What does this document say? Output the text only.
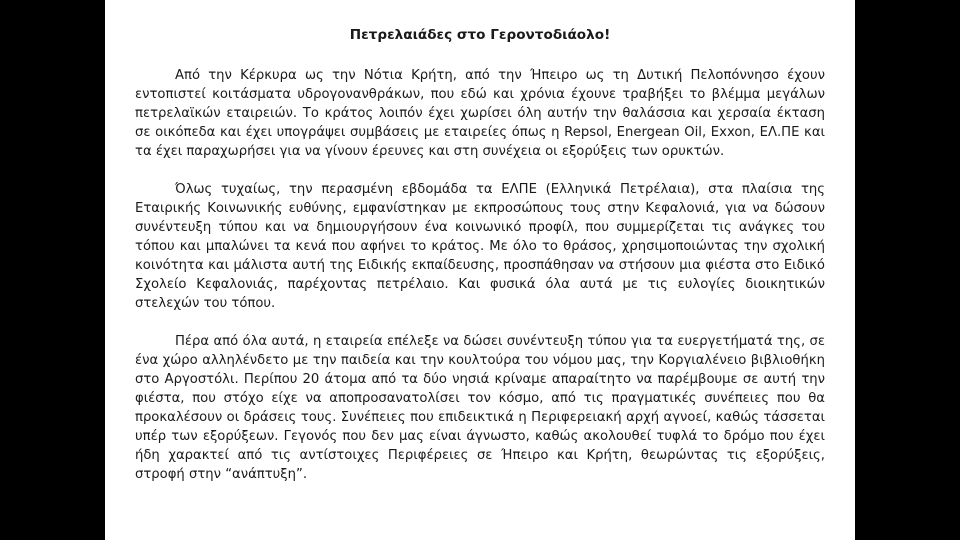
Πετρελαιάδες στο Γεροντοδιάολο!

Από την Κέρκυρα ως την Νότια Κρήτη, από την Ήπειρο ως τη Δυτική Πελοπόννησο έχουν εντοπιστεί κοιτάσματα υδρογονανθράκων, που εδώ και χρόνια έχουνε τραβήξει το βλέμμα μεγάλων πετρελαϊκών εταιρειών. Το κράτος λοιπόν έχει χωρίσει όλη αυτήν την θαλάσσια και χερσαία έκταση σε οικόπεδα και έχει υπογράψει συμβάσεις με εταιρείες όπως η Repsol, Energean Oil, Exxon, ΕΛ.ΠΕ και τα έχει παραχωρήσει για να γίνουν έρευνες και στη συνέχεια οι εξορύξεις των ορυκτών.

Όλως τυχαίως, την περασμένη εβδομάδα τα ΕΛΠΕ (Ελληνικά Πετρέλαια), στα πλαίσια της Εταιρικής Κοινωνικής ευθύνης, εμφανίστηκαν με εκπροσώπους τους στην Κεφαλονιά, για να δώσουν συνέντευξη τύπου και να δημιουργήσουν ένα κοινωνικό προφίλ, που συμμερίζεται τις ανάγκες του τόπου και μπαλώνει τα κενά που αφήνει το κράτος. Με όλο το θράσος, χρησιμοποιώντας την σχολική κοινότητα και μάλιστα αυτή της Ειδικής εκπαίδευσης, προσπάθησαν να στήσουν μια φιέστα στο Ειδικό Σχολείο Κεφαλονιάς, παρέχοντας πετρέλαιο. Και φυσικά όλα αυτά με τις ευλογίες διοικητικών στελεχών του τόπου.

Πέρα από όλα αυτά, η εταιρεία επέλεξε να δώσει συνέντευξη τύπου για τα ευεργετήματά της, σε ένα χώρο αλληλένδετο με την παιδεία και την κουλτούρα του νόμου μας, την Κοργιαλένειο βιβλιοθήκη στο Αργοστόλι. Περίπου 20 άτομα από τα δύο νησιά κρίναμε απαραίτητο να παρέμβουμε σε αυτή την φιέστα, που στόχο είχε να αποπροσανατολίσει τον κόσμο, από τις πραγματικές συνέπειες που θα προκαλέσουν οι δράσεις τους. Συνέπειες που επιδεικτικά η Περιφερειακή αρχή αγνοεί, καθώς τάσσεται υπέρ των εξορύξεων. Γεγονός που δεν μας είναι άγνωστο, καθώς ακολουθεί τυφλά το δρόμο που έχει ήδη χαρακτεί από τις αντίστοιχες Περιφέρειες σε Ήπειρο και Κρήτη, θεωρώντας τις εξορύξεις, στροφή στην “ανάπτυξη”.
